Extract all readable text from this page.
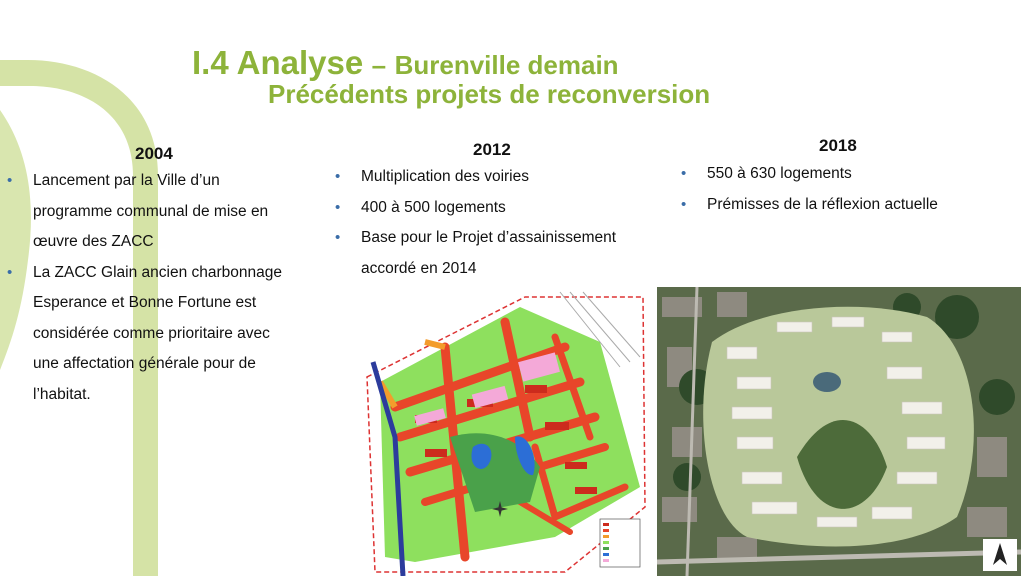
I.4 Analyse – Burenville demain
Précédents projets de reconversion
2004
• Lancement par la Ville d’un programme communal de mise en œuvre des ZACC
• La ZACC Glain ancien charbonnage Esperance et Bonne Fortune est considérée comme prioritaire avec une affectation générale pour de l’habitat.
2012
• Multiplication des voiries
• 400 à 500 logements
• Base pour le Projet d’assainissement accordé en 2014
2018
• 550 à 630 logements
• Prémisses de la réflexion actuelle
